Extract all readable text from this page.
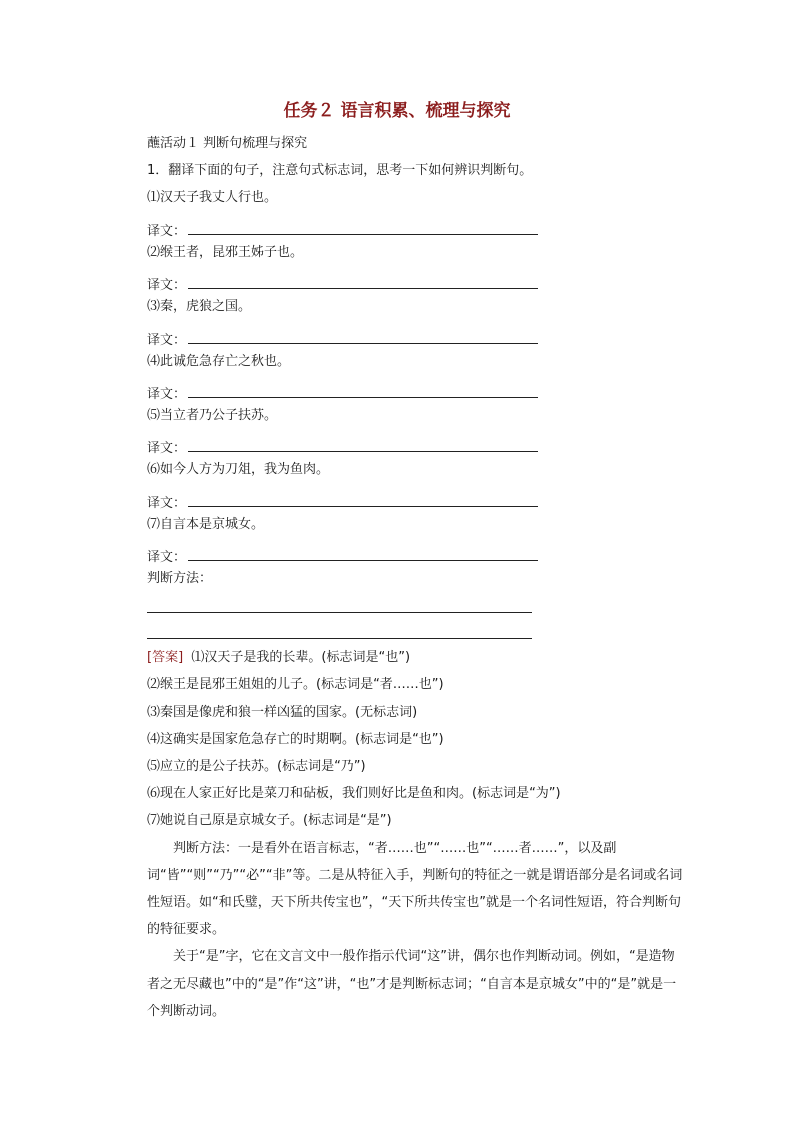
任务２ 语言积累、梳理与探究
蘸活动１ 判断句梳理与探究
1．翻译下面的句子，注意句式标志词，思考一下如何辨识判断句。
⑴汉天子我丈人行也。
译文：
⑵缑王者，昆邪王姊子也。
译文：
⑶秦，虎狼之国。
译文：
⑷此诚危急存亡之秋也。
译文：
⑸当立者乃公子扶苏。
译文：
⑹如今人方为刀俎，我为鱼肉。
译文：
⑺自言本是京城女。
译文：
判断方法：
[答案] ⑴汉天子是我的长辈。(标志词是“也”)
⑵缑王是昆邪王姐姐的儿子。(标志词是“者……也”)
⑶秦国是像虎和狼一样凶猛的国家。(无标志词)
⑷这确实是国家危急存亡的时期啊。(标志词是“也”)
⑸应立的是公子扶苏。(标志词是“乃”)
⑹现在人家正好比是菜刀和砧板，我们则好比是鱼和肉。(标志词是“为”)
⑺她说自己原是京城女子。(标志词是“是”)

判断方法：一是看外在语言标志，“者……也”“……也”“……者……”，以及副词“皆”“则”“乃”“必”“非”等。二是从特征入手，判断句的特征之一就是谓语部分是名词或名词性短语。如“和氏璧，天下所共传宝也”，“天下所共传宝也”就是一个名词性短语，符合判断句的特征要求。

关于“是”字，它在文言文中一般作指示代词“这”讲，偶尔也作判断动词。例如，“是造物者之无尽藏也”中的“是”作“这”讲，“也”才是判断标志词；“自言本是京城女”中的“是”就是一个判断动词。
